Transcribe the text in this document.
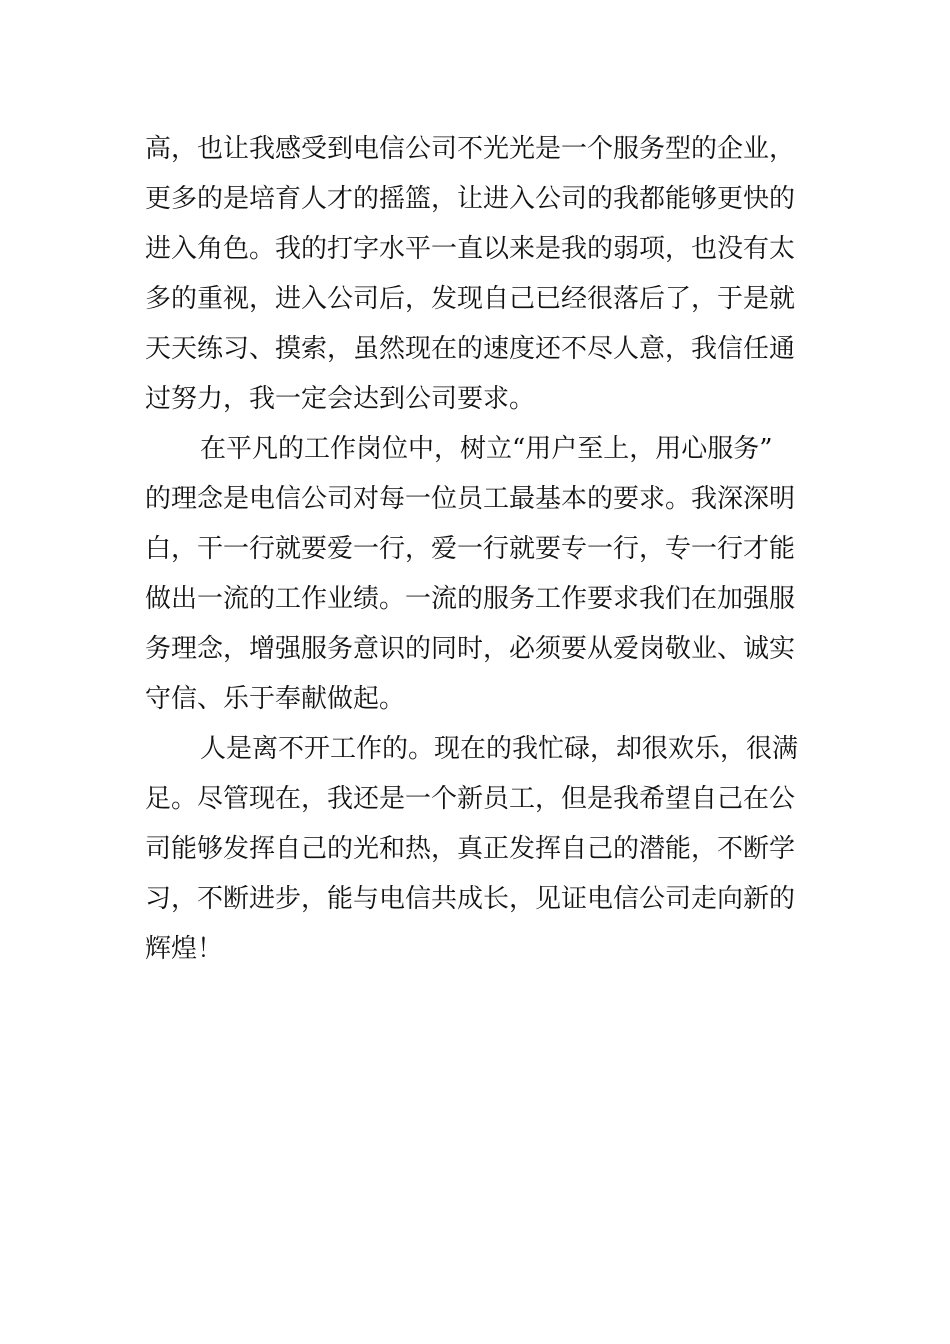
高，也让我感受到电信公司不光光是一个服务型的企业，
更多的是培育人才的摇篮，让进入公司的我都能够更快的
进入角色。我的打字水平一直以来是我的弱项，也没有太
多的重视，进入公司后，发现自己已经很落后了，于是就
天天练习、摸索，虽然现在的速度还不尽人意，我信任通
过努力，我一定会达到公司要求。
在平凡的工作岗位中，树立“用户至上，用心服务”
的理念是电信公司对每一位员工最基本的要求。我深深明
白，干一行就要爱一行，爱一行就要专一行，专一行才能
做出一流的工作业绩。一流的服务工作要求我们在加强服
务理念，增强服务意识的同时，必须要从爱岗敬业、诚实
守信、乐于奉献做起。
人是离不开工作的。现在的我忙碌，却很欢乐，很满
足。尽管现在，我还是一个新员工，但是我希望自己在公
司能够发挥自己的光和热，真正发挥自己的潜能，不断学
习，不断进步，能与电信共成长，见证电信公司走向新的
辉煌！
